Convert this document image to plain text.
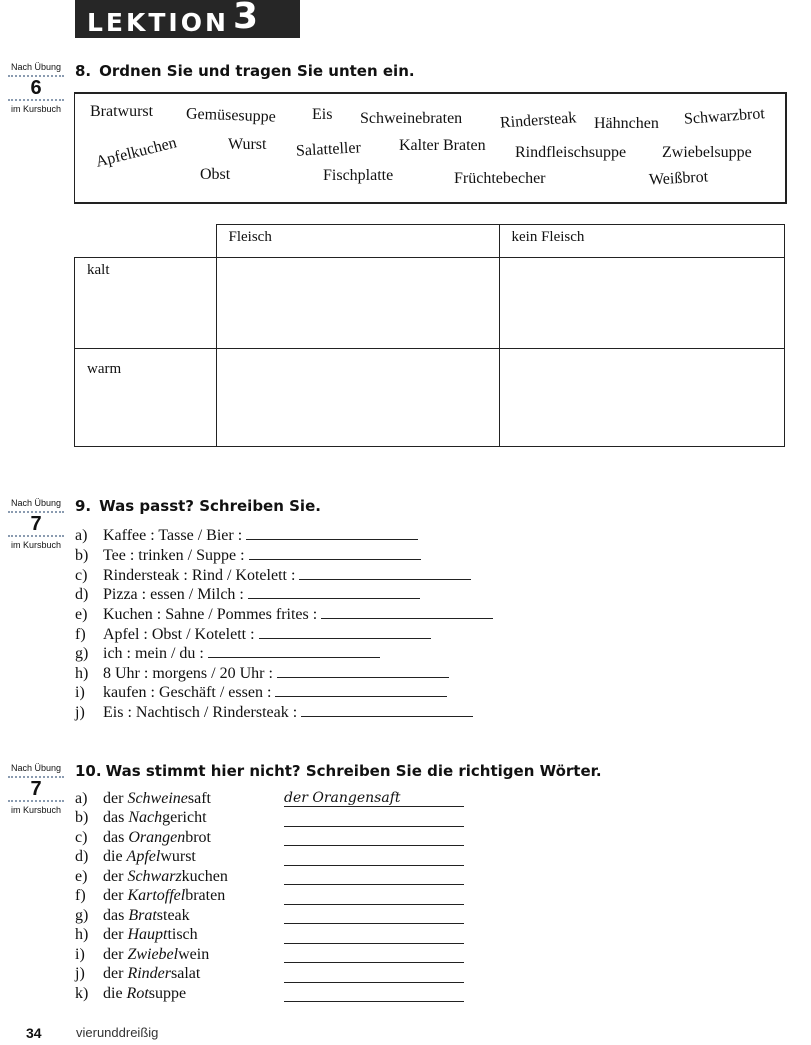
LEKTION 3
Nach Übung
6
im Kursbuch
8. Ordnen Sie und tragen Sie unten ein.
Bratwurst Gemüsesuppe Eis Schweinebraten Rindersteak Hähnchen Schwarzbrot
Apfelkuchen	Wurst Salatteller Kalter Braten Rindfleischsuppe Zwiebelsuppe
Obst	Fischplatte	Früchtebecher	Weißbrot
	Fleisch	kein Fleisch
kalt		
warm		
Nach Übung
7
im Kursbuch
9. Was passt? Schreiben Sie.
a) Kaffee : Tasse / Bier :
b) Tee : trinken / Suppe :
c) Rindersteak : Rind / Kotelett :
d) Pizza : essen / Milch :
e) Kuchen : Sahne / Pommes frites :
f) Apfel : Obst / Kotelett :
g) ich : mein / du :
h) 8 Uhr : morgens / 20 Uhr :
i) kaufen : Geschäft / essen :
j) Eis : Nachtisch / Rindersteak :
Nach Übung
7
im Kursbuch
10. Was stimmt hier nicht? Schreiben Sie die richtigen Wörter.
a) der Schweinesaft	der Orangensaft
b) das Nachgericht
c) das Orangenbrot
d) die Apfelwurst
e) der Schwarzkuchen
f) der Kartoffelbraten
g) das Bratsteak
h) der Haupttisch
i) der Zwiebelwein
j) der Rindersalat
k) die Rotsuppe
34	vierunddreißig
